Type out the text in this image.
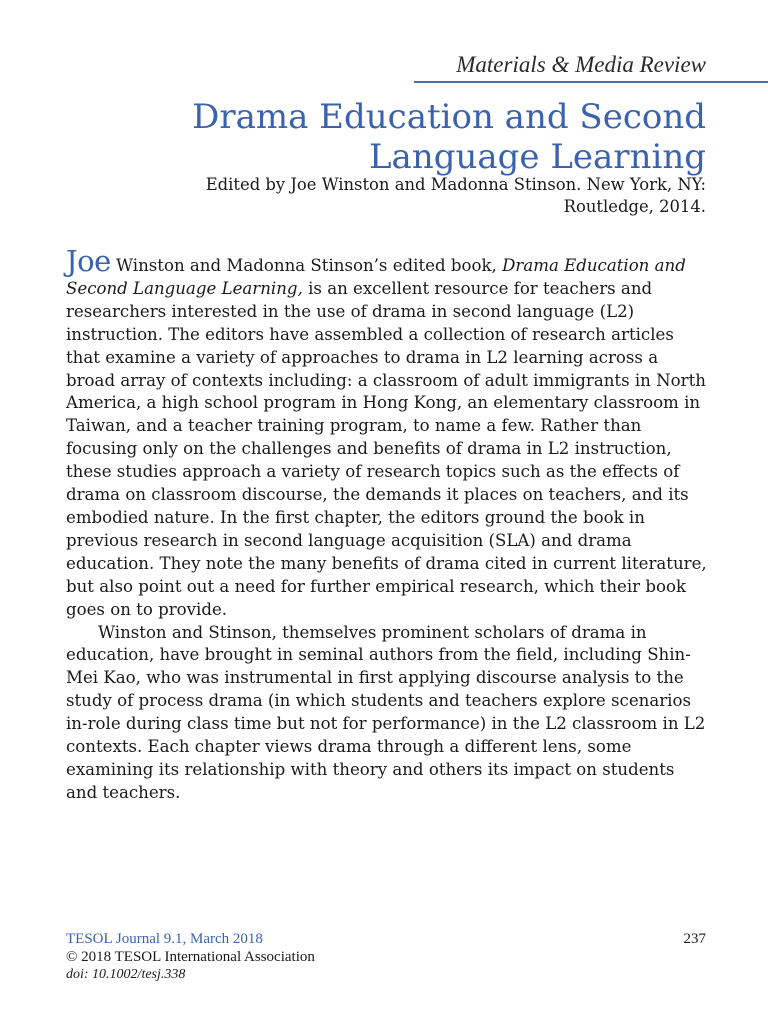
Materials & Media Review
Drama Education and Second
Language Learning
Edited by Joe Winston and Madonna Stinson. New York, NY:
Routledge, 2014.

Joe Winston and Madonna Stinson’s edited book, Drama Education and Second Language Learning, is an excellent resource for teachers and researchers interested in the use of drama in second language (L2) instruction. The editors have assembled a collection of research articles that examine a variety of approaches to drama in L2 learning across a broad array of contexts including: a classroom of adult immigrants in North America, a high school program in Hong Kong, an elementary classroom in Taiwan, and a teacher training program, to name a few. Rather than focusing only on the challenges and benefits of drama in L2 instruction, these studies approach a variety of research topics such as the effects of drama on classroom discourse, the demands it places on teachers, and its embodied nature. In the first chapter, the editors ground the book in previous research in second language acquisition (SLA) and drama education. They note the many benefits of drama cited in current literature, but also point out a need for further empirical research, which their book goes on to provide.

Winston and Stinson, themselves prominent scholars of drama in education, have brought in seminal authors from the field, including Shin-Mei Kao, who was instrumental in first applying discourse analysis to the study of process drama (in which students and teachers explore scenarios in-role during class time but not for performance) in the L2 classroom in L2 contexts. Each chapter views drama through a different lens, some examining its relationship with theory and others its impact on students and teachers.

TESOL Journal 9.1, March 2018	237
© 2018 TESOL International Association
doi: 10.1002/tesj.338
